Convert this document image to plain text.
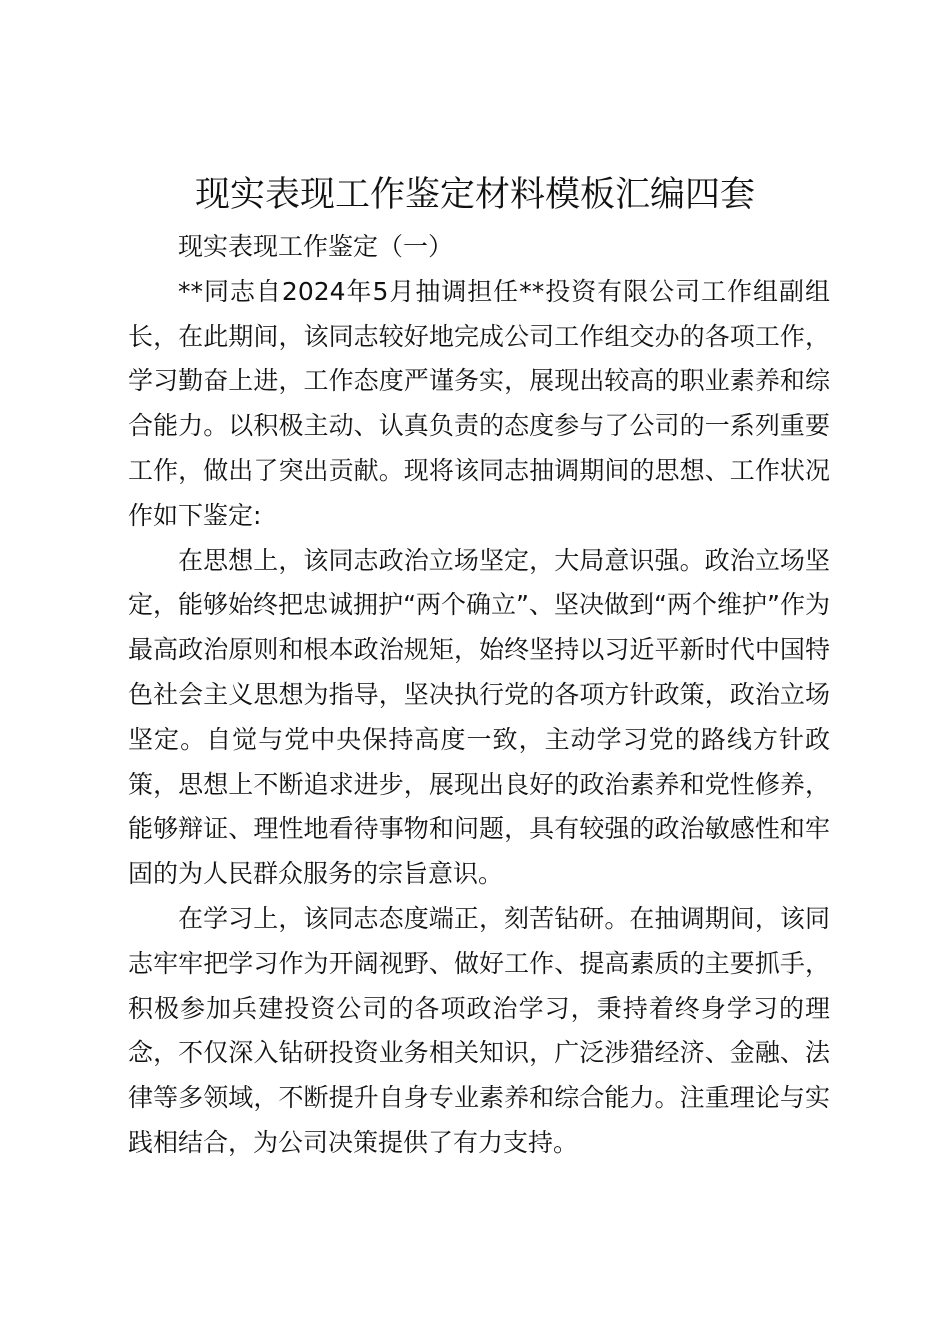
现实表现工作鉴定材料模板汇编四套

现实表现工作鉴定（一）

**同志自2024年5月抽调担任**投资有限公司工作组副组长，在此期间，该同志较好地完成公司工作组交办的各项工作，学习勤奋上进，工作态度严谨务实，展现出较高的职业素养和综合能力。以积极主动、认真负责的态度参与了公司的一系列重要工作，做出了突出贡献。现将该同志抽调期间的思想、工作状况作如下鉴定:

在思想上，该同志政治立场坚定，大局意识强。政治立场坚定，能够始终把忠诚拥护“两个确立”、坚决做到“两个维护”作为最高政治原则和根本政治规矩，始终坚持以习近平新时代中国特色社会主义思想为指导，坚决执行党的各项方针政策，政治立场坚定。自觉与党中央保持高度一致，主动学习党的路线方针政策，思想上不断追求进步，展现出良好的政治素养和党性修养，能够辩证、理性地看待事物和问题，具有较强的政治敏感性和牢固的为人民群众服务的宗旨意识。

在学习上，该同志态度端正，刻苦钻研。在抽调期间，该同志牢牢把学习作为开阔视野、做好工作、提高素质的主要抓手，积极参加兵建投资公司的各项政治学习，秉持着终身学习的理念，不仅深入钻研投资业务相关知识，广泛涉猎经济、金融、法律等多领域，不断提升自身专业素养和综合能力。注重理论与实践相结合，为公司决策提供了有力支持。
